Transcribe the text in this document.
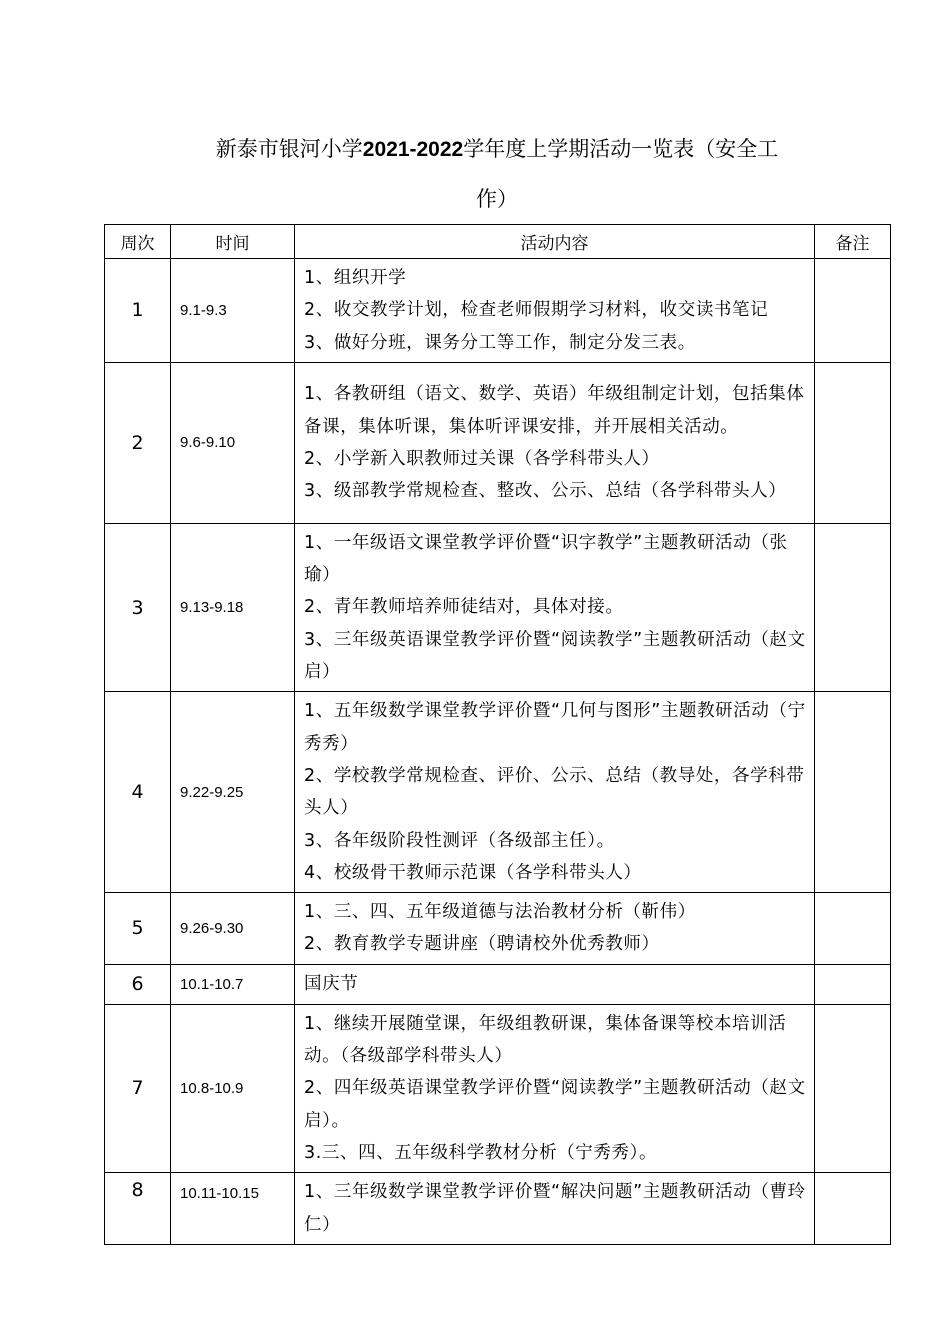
新泰市银河小学2021-2022学年度上学期活动一览表（安全工
作）
周次	时间	活动内容	备注
1	9.1-9.3	1、组织开学
2、收交教学计划，检查老师假期学习材料，收交读书笔记
3、做好分班，课务分工等工作，制定分发三表。	

2	9.6-9.10	1、各教研组（语文、数学、英语）年级组制定计划，包括集体备课，集体听课，集体听评课安排，并开展相关活动。
2、小学新入职教师过关课（各学科带头人）
3、级部教学常规检查、整改、公示、总结（各学科带头人）	

3	9.13-9.18	1、一年级语文课堂教学评价暨“识字教学”主题教研活动（张瑜）
2、青年教师培养师徒结对，具体对接。
3、三年级英语课堂教学评价暨“阅读教学”主题教研活动（赵文启）	

4	9.22-9.25	1、五年级数学课堂教学评价暨“几何与图形”主题教研活动（宁秀秀）
2、学校教学常规检查、评价、公示、总结（教导处，各学科带头人）
3、各年级阶段性测评（各级部主任）。
4、校级骨干教师示范课（各学科带头人）	

5	9.26-9.30	1、三、四、五年级道德与法治教材分析（靳伟）
2、教育教学专题讲座（聘请校外优秀教师）	

6	10.1-10.7	国庆节	

7	10.8-10.9	1、继续开展随堂课，年级组教研课，集体备课等校本培训活动。（各级部学科带头人）
2、四年级英语课堂教学评价暨“阅读教学”主题教研活动（赵文启）。
3.三、四、五年级科学教材分析（宁秀秀）。	

8	10.11-10.15	1、三年级数学课堂教学评价暨“解决问题”主题教研活动（曹玲仁）	
